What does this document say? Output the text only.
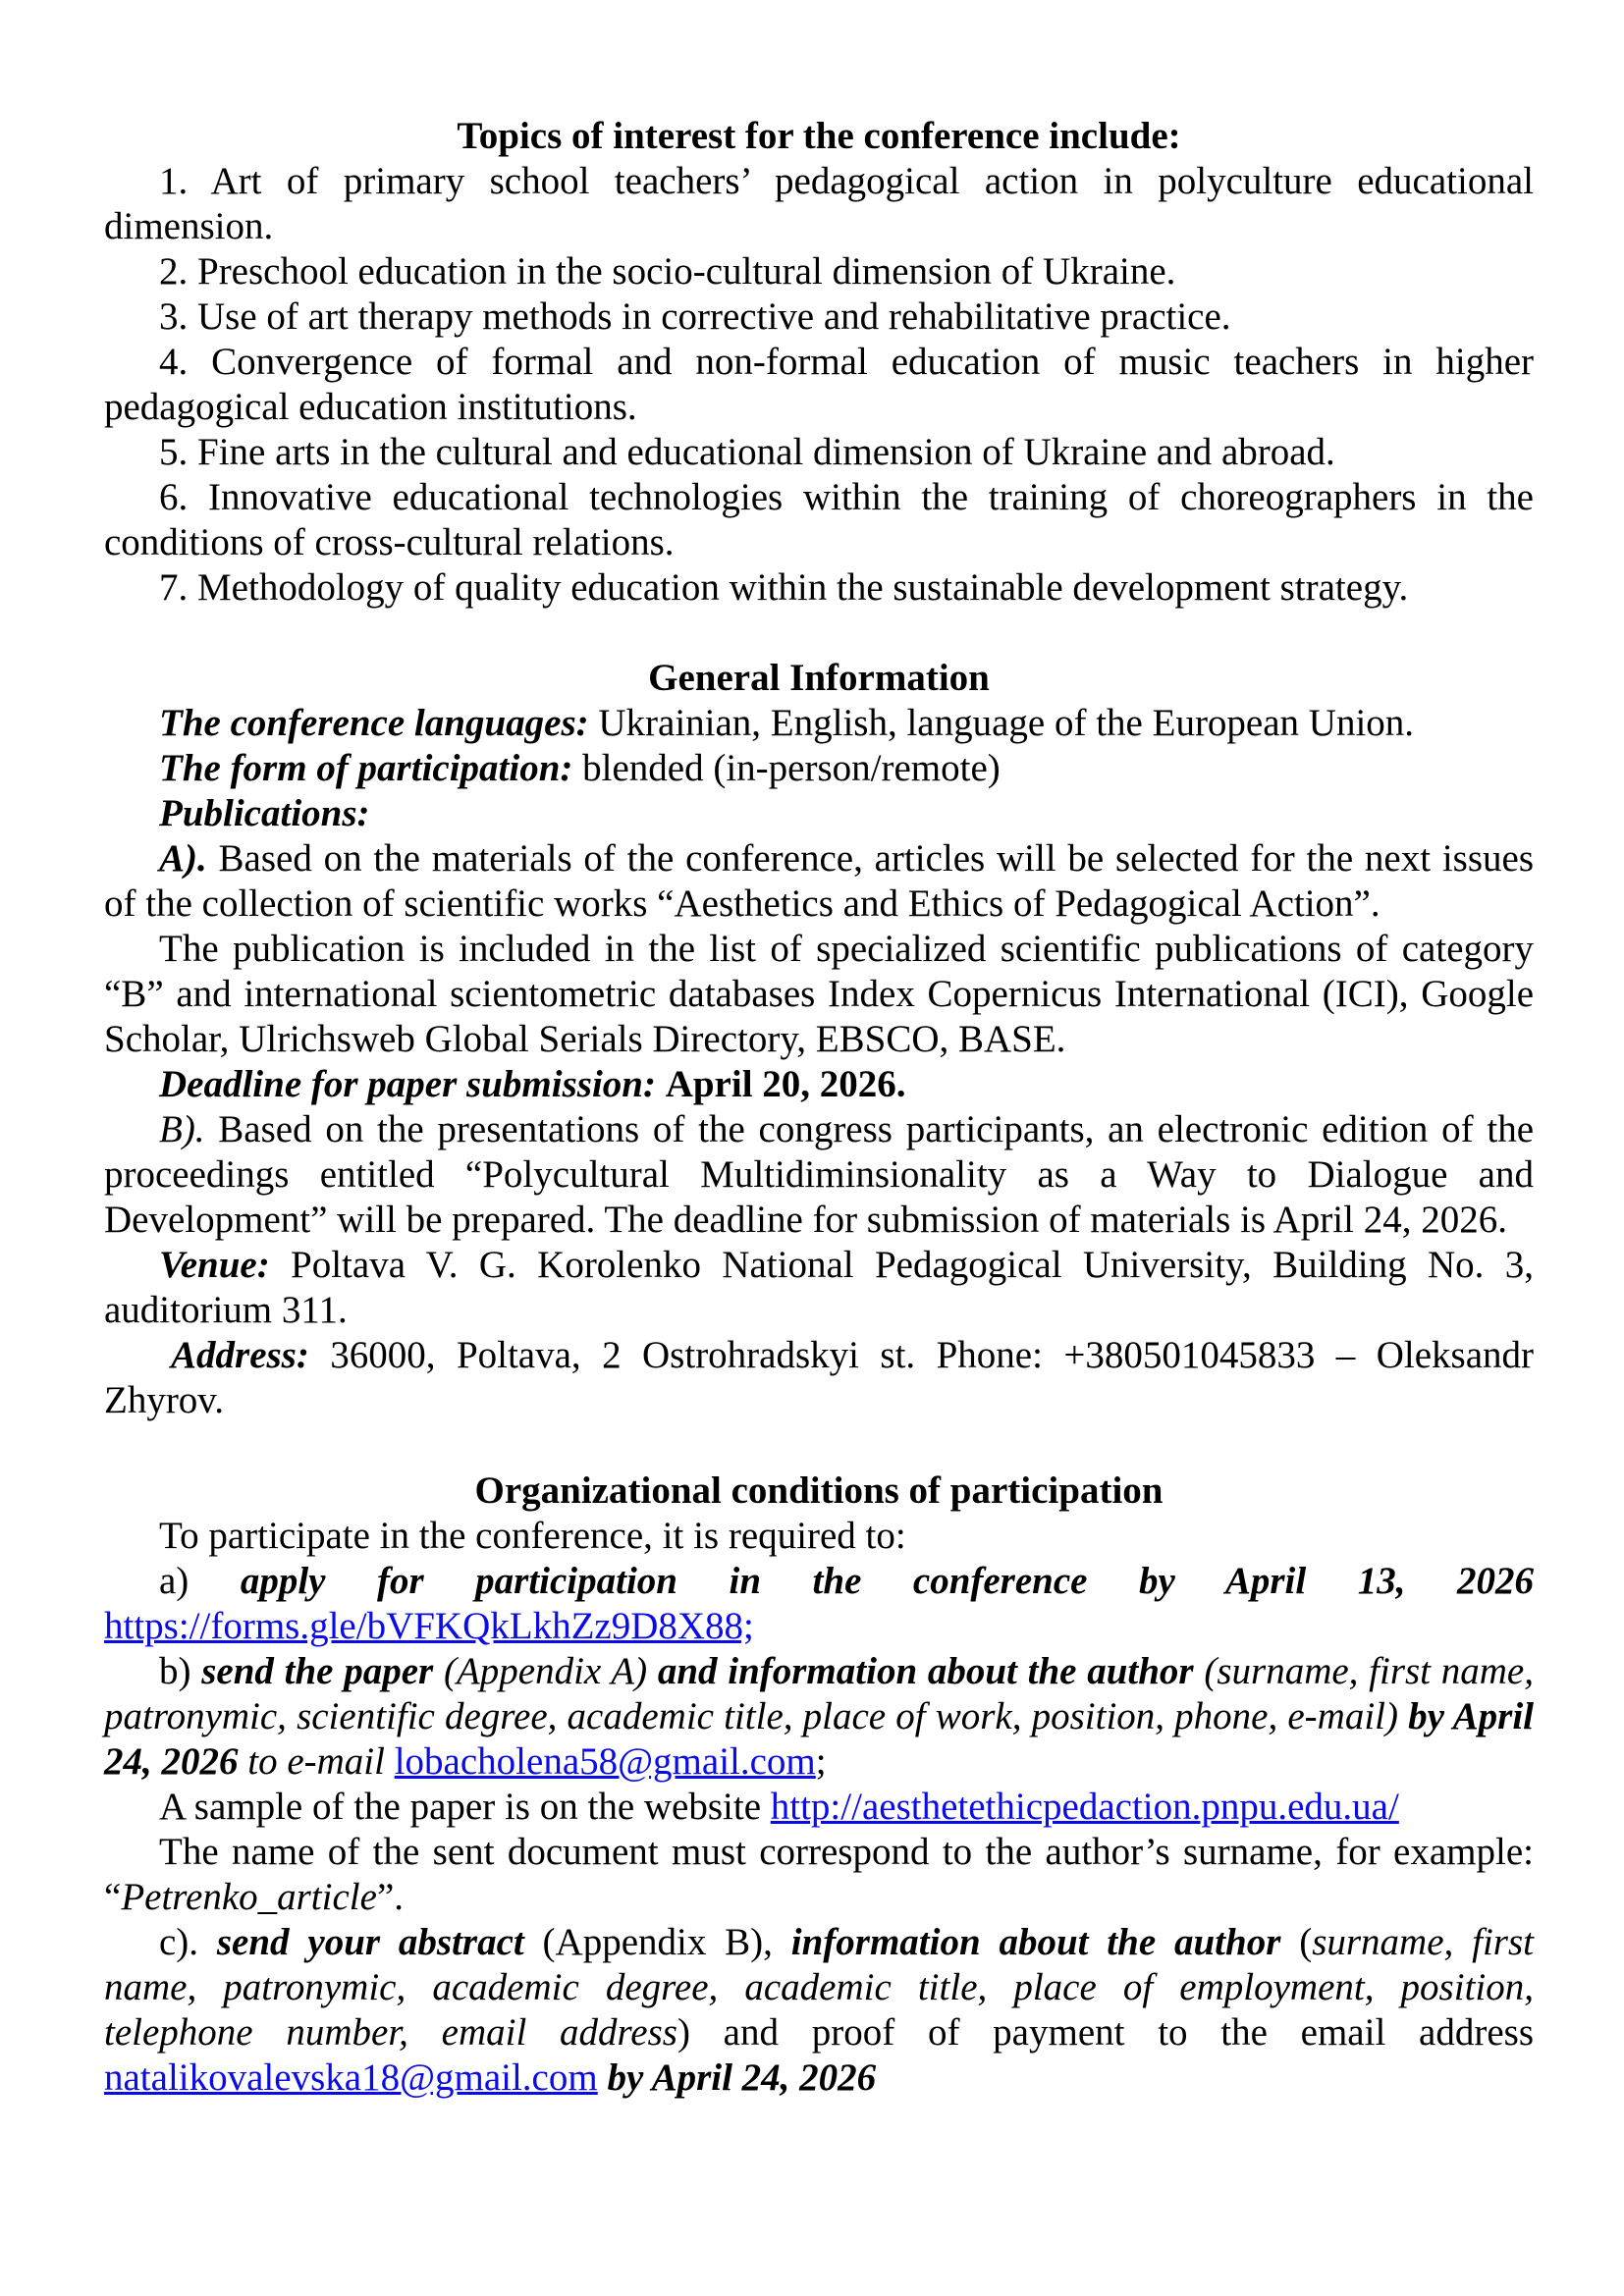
Topics of interest for the conference include:

1. Art of primary school teachers’ pedagogical action in polyculture educational dimension.

2. Preschool education in the socio-cultural dimension of Ukraine.

3. Use of art therapy methods in corrective and rehabilitative practice.

4. Convergence of formal and non-formal education of music teachers in higher pedagogical education institutions.

5. Fine arts in the cultural and educational dimension of Ukraine and abroad.

6. Innovative educational technologies within the training of choreographers in the conditions of cross-cultural relations.

7. Methodology of quality education within the sustainable development strategy.

General Information

The conference languages: Ukrainian, English, language of the European Union.

The form of participation: blended (in-person/remote)

Publications:

A). Based on the materials of the conference, articles will be selected for the next issues of the collection of scientific works “Aesthetics and Ethics of Pedagogical Action”.

The publication is included in the list of specialized scientific publications of category “B” and international scientometric databases Index Copernicus International (ICI), Google Scholar, Ulrichsweb Global Serials Directory, EBSCO, BASE.

Deadline for paper submission: April 20, 2026.

B). Based on the presentations of the congress participants, an electronic edition of the proceedings entitled “Polycultural Multidiminsionality as a Way to Dialogue and Development” will be prepared. The deadline for submission of materials is April 24, 2026.

Venue: Poltava V. G. Korolenko National Pedagogical University, Building No. 3, auditorium 311.

Address: 36000, Poltava, 2 Ostrohradskyi st. Phone: +380501045833 – Oleksandr Zhyrov.

Organizational conditions of participation

To participate in the conference, it is required to:

a) apply for participation in the conference by April 13, 2026 https://forms.gle/bVFKQkLkhZz9D8X88;

b) send the paper (Appendix A) and information about the author (surname, first name, patronymic, scientific degree, academic title, place of work, position, phone, e-mail) by April 24, 2026 to e-mail lobacholena58@gmail.com;

A sample of the paper is on the website http://aesthetethicpedaction.pnpu.edu.ua/

The name of the sent document must correspond to the author’s surname, for example: “Petrenko_article”.

c). send your abstract (Appendix B), information about the author (surname, first name, patronymic, academic degree, academic title, place of employment, position, telephone number, email address) and proof of payment to the email address natalikovalevska18@gmail.com by April 24, 2026
